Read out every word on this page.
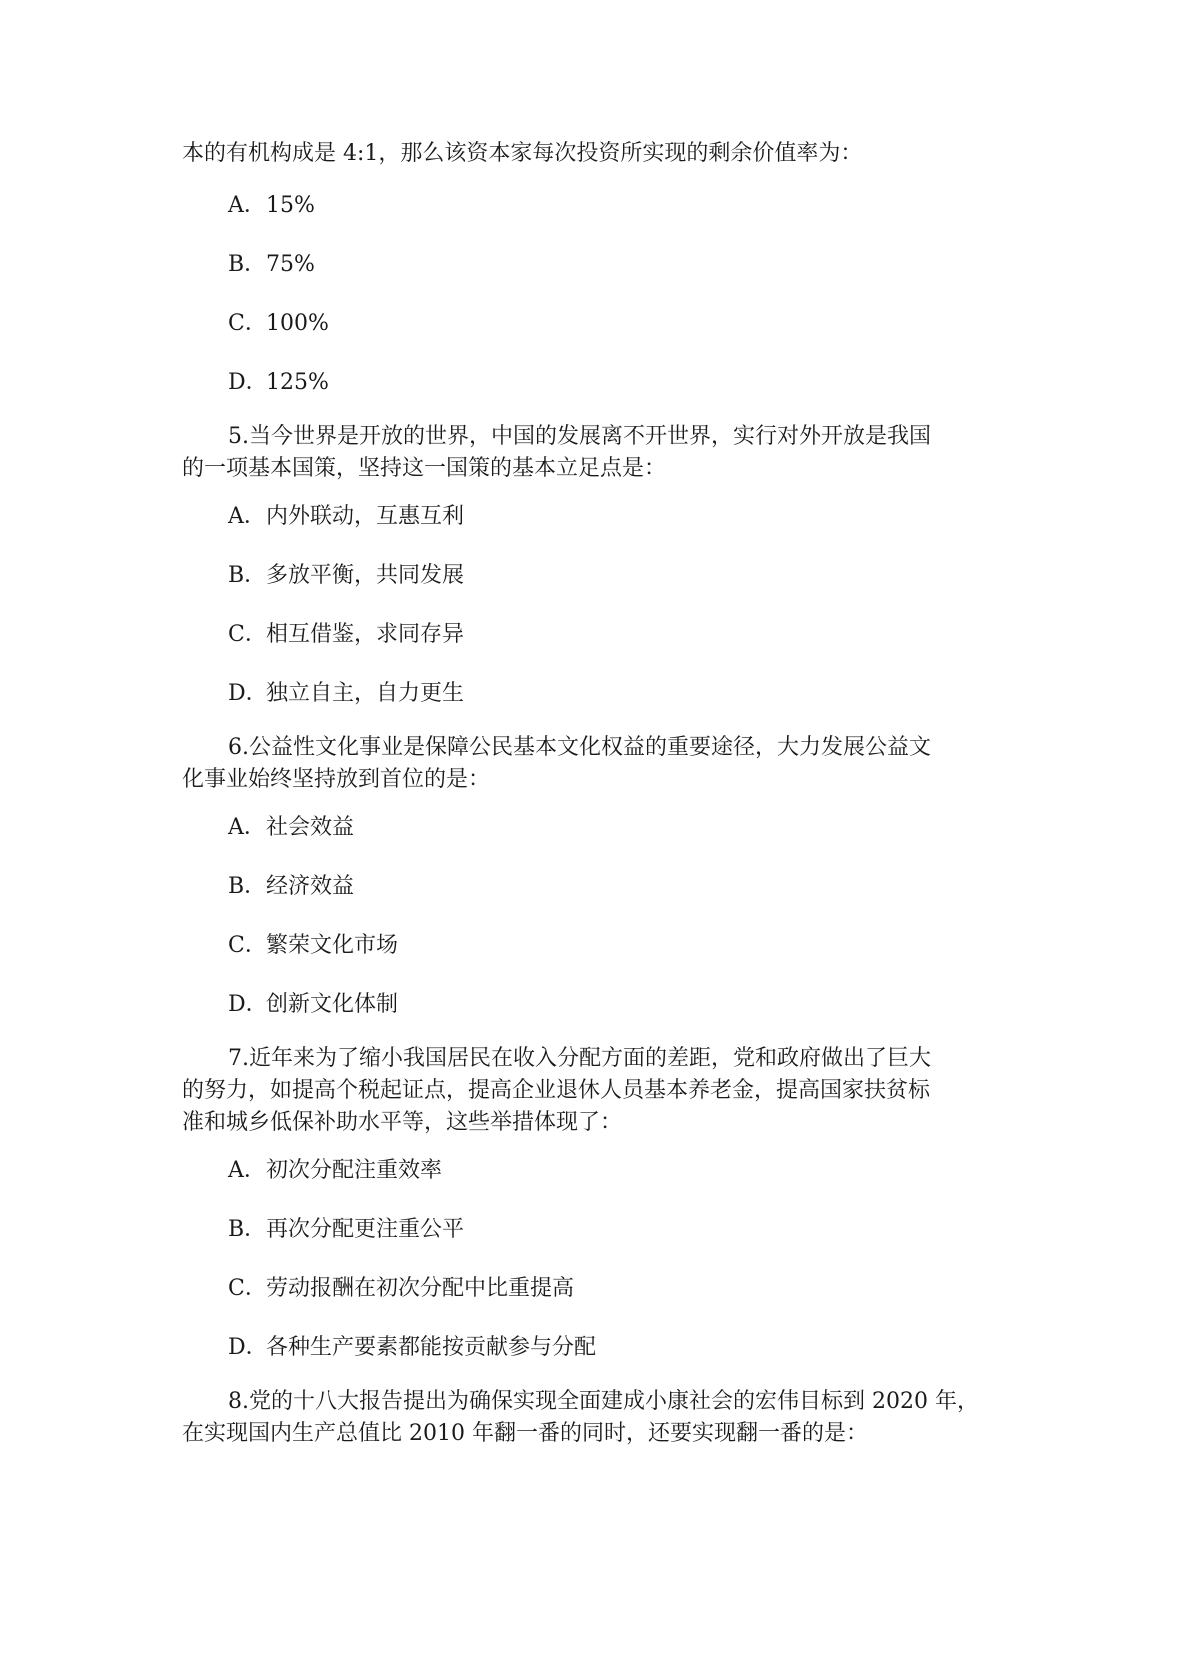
本的有机构成是 4:1，那么该资本家每次投资所实现的剩余价值率为：

A．15%
B．75%
C．100%
D．125%
5.当今世界是开放的世界，中国的发展离不开世界，实行对外开放是我国
的一项基本国策，坚持这一国策的基本立足点是：
A．内外联动，互惠互利
B．多放平衡，共同发展
C．相互借鉴，求同存异
D．独立自主，自力更生
6.公益性文化事业是保障公民基本文化权益的重要途径，大力发展公益文
化事业始终坚持放到首位的是：
A．社会效益
B．经济效益
C．繁荣文化市场
D．创新文化体制
7.近年来为了缩小我国居民在收入分配方面的差距，党和政府做出了巨大
的努力，如提高个税起证点，提高企业退休人员基本养老金，提高国家扶贫标
准和城乡低保补助水平等，这些举措体现了：
A．初次分配注重效率
B．再次分配更注重公平
C．劳动报酬在初次分配中比重提高
D．各种生产要素都能按贡献参与分配
8.党的十八大报告提出为确保实现全面建成小康社会的宏伟目标到 2020 年，
在实现国内生产总值比 2010 年翻一番的同时，还要实现翻一番的是：
